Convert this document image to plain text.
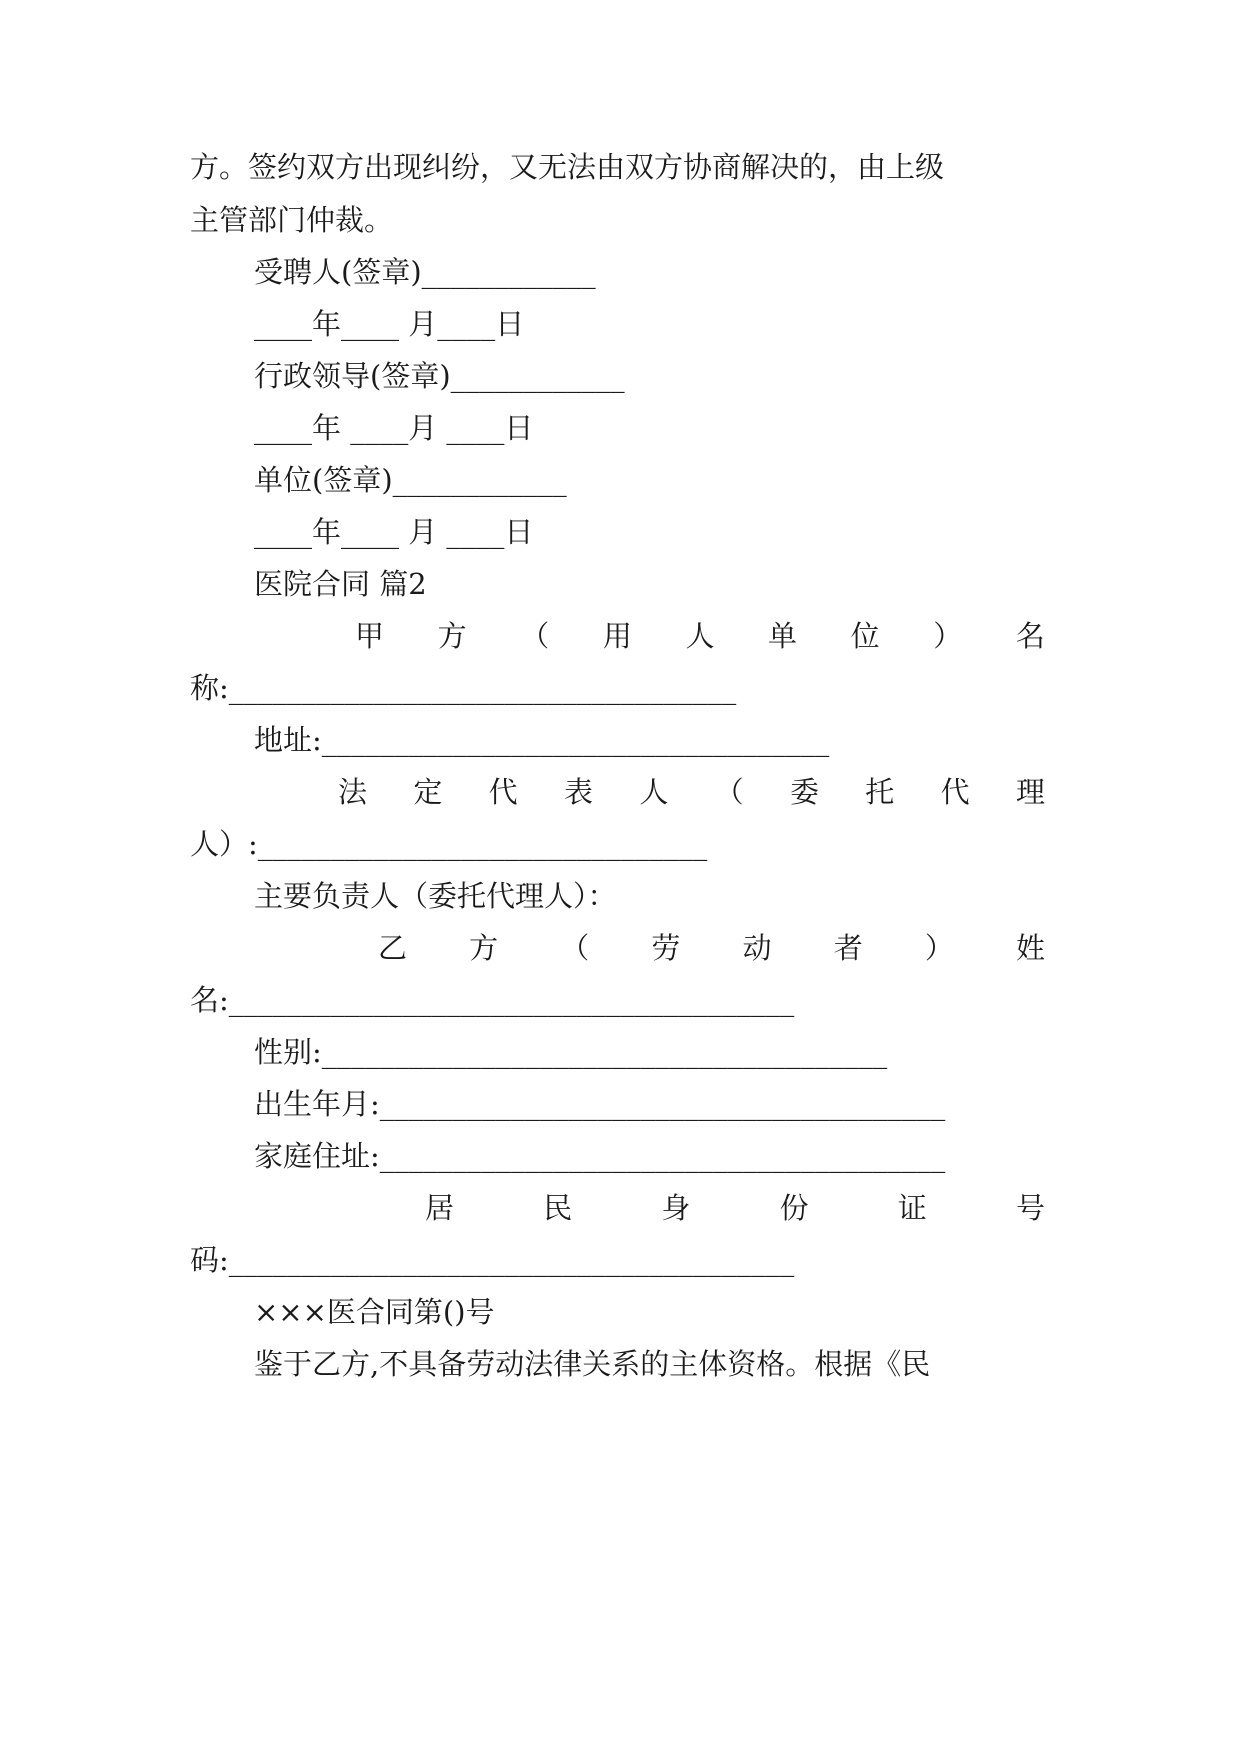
方。签约双方出现纠纷，又无法由双方协商解决的，由上级
主管部门仲裁。
受聘人(签章)____________
____年____ 月____日
行政领导(签章)____________
____年 ____月 ____日
单位(签章)____________
____年____ 月 ____日
医院合同 篇2
甲 方 （ 用 人 单 位 ） 名
称:___________________________________
地址:___________________________________
法 定 代 表 人 （ 委 托 代 理
人）:_______________________________
主要负责人（委托代理人）：
乙 方 （ 劳 动 者 ） 姓
名:_______________________________________
性别:_______________________________________
出生年月:_______________________________________
家庭住址:_______________________________________
居	民	身	份	证	号
码:_______________________________________
×××医合同第()号
鉴于乙方,不具备劳动法律关系的主体资格。根据《民
